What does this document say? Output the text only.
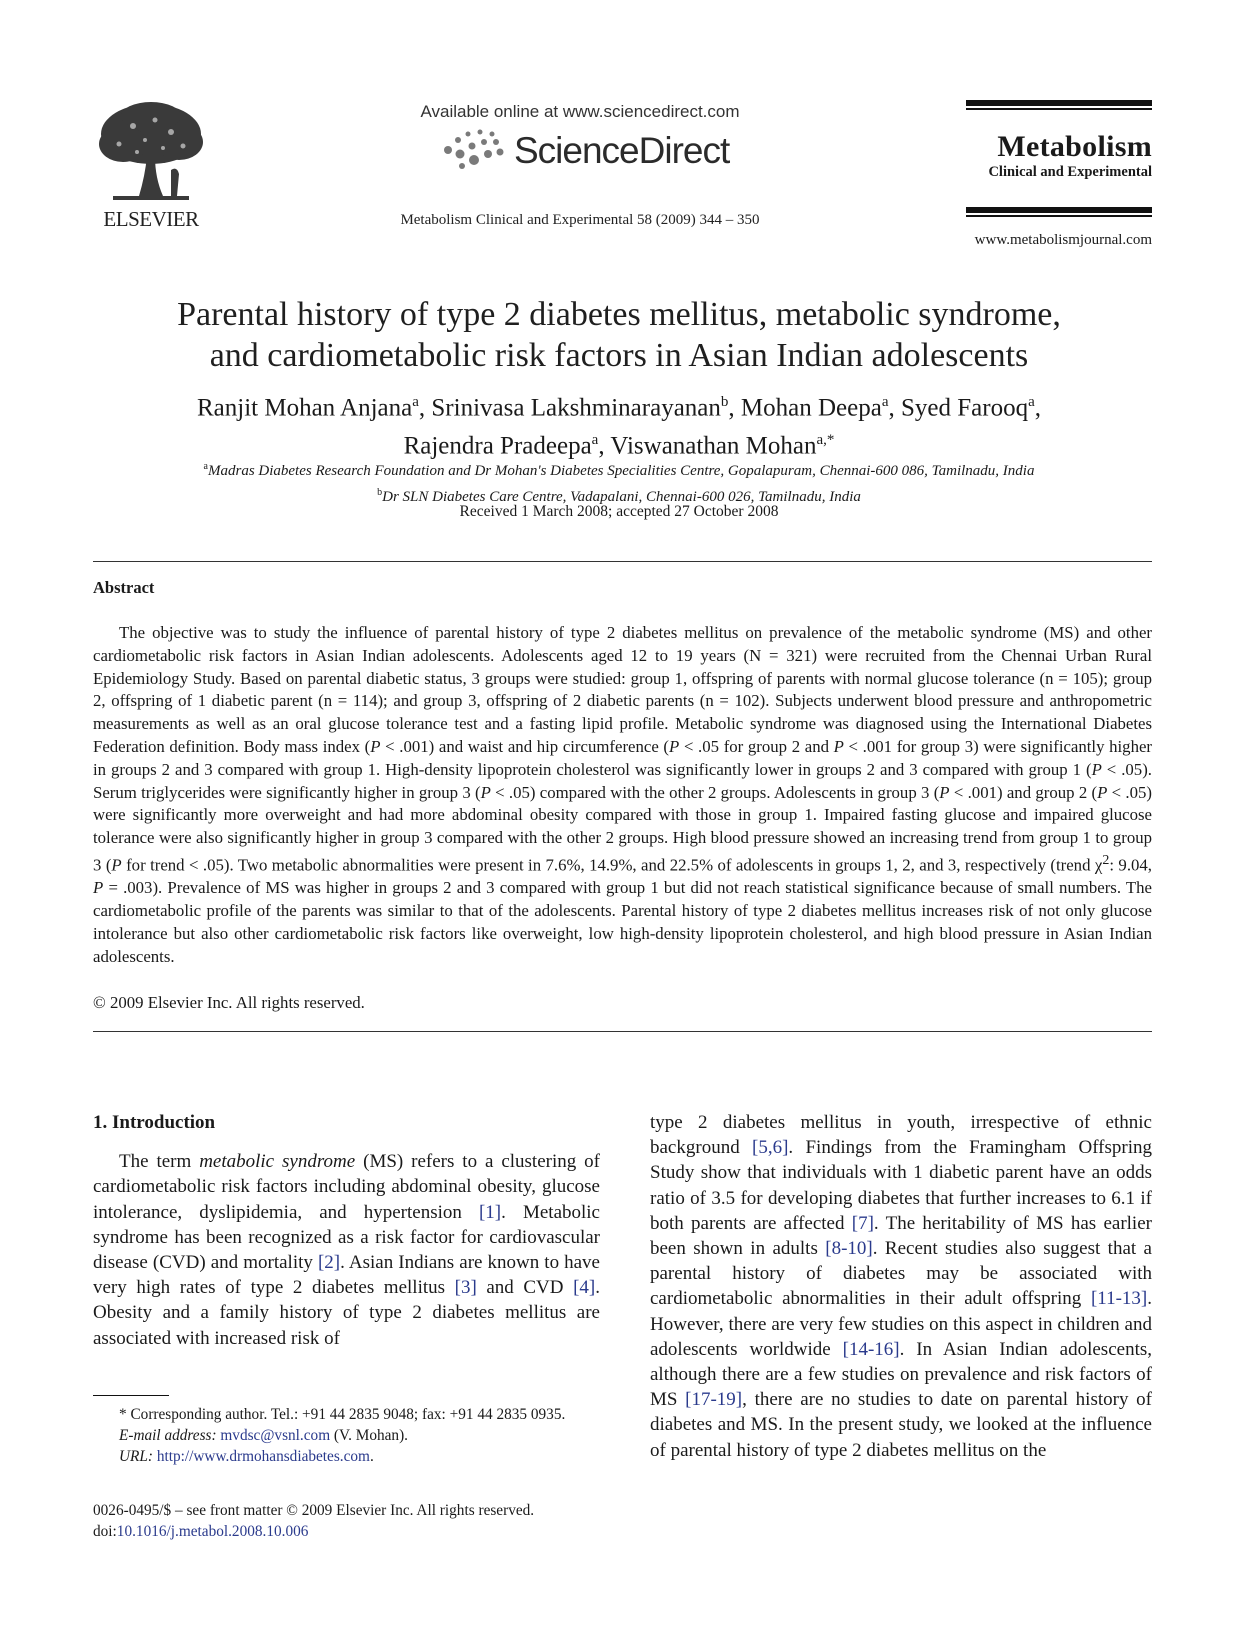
ELSEVIER
Available online at www.sciencedirect.com
ScienceDirect
Metabolism Clinical and Experimental 58 (2009) 344 – 350
Metabolism
Clinical and Experimental
www.metabolismjournal.com
Parental history of type 2 diabetes mellitus, metabolic syndrome,
and cardiometabolic risk factors in Asian Indian adolescents
Ranjit Mohan Anjana$^a$, Srinivasa Lakshminarayanan$^b$, Mohan Deepa$^a$, Syed Farooq$^a$,
Rajendra Pradeepa$^a$, Viswanathan Mohan$^{a,*}$
$^a$Madras Diabetes Research Foundation and Dr Mohan's Diabetes Specialities Centre, Gopalapuram, Chennai-600 086, Tamilnadu, India
$^b$Dr SLN Diabetes Care Centre, Vadapalani, Chennai-600 026, Tamilnadu, India
Received 1 March 2008; accepted 27 October 2008
Abstract

The objective was to study the influence of parental history of type 2 diabetes mellitus on prevalence of the metabolic syndrome (MS) and other cardiometabolic risk factors in Asian Indian adolescents. Adolescents aged 12 to 19 years (N = 321) were recruited from the Chennai Urban Rural Epidemiology Study. Based on parental diabetic status, 3 groups were studied: group 1, offspring of parents with normal glucose tolerance (n = 105); group 2, offspring of 1 diabetic parent (n = 114); and group 3, offspring of 2 diabetic parents (n = 102). Subjects underwent blood pressure and anthropometric measurements as well as an oral glucose tolerance test and a fasting lipid profile. Metabolic syndrome was diagnosed using the International Diabetes Federation definition. Body mass index (P < .001) and waist and hip circumference (P < .05 for group 2 and P < .001 for group 3) were significantly higher in groups 2 and 3 compared with group 1. High-density lipoprotein cholesterol was significantly lower in groups 2 and 3 compared with group 1 (P < .05). Serum triglycerides were significantly higher in group 3 (P < .05) compared with the other 2 groups. Adolescents in group 3 (P < .001) and group 2 (P < .05) were significantly more overweight and had more abdominal obesity compared with those in group 1. Impaired fasting glucose and impaired glucose tolerance were also significantly higher in group 3 compared with the other 2 groups. High blood pressure showed an increasing trend from group 1 to group 3 (P for trend < .05). Two metabolic abnormalities were present in 7.6%, 14.9%, and 22.5% of adolescents in groups 1, 2, and 3, respectively (trend $\chi^2$: 9.04, P = .003). Prevalence of MS was higher in groups 2 and 3 compared with group 1 but did not reach statistical significance because of small numbers. The cardiometabolic profile of the parents was similar to that of the adolescents. Parental history of type 2 diabetes mellitus increases risk of not only glucose intolerance but also other cardiometabolic risk factors like overweight, low high-density lipoprotein cholesterol, and high blood pressure in Asian Indian adolescents.

© 2009 Elsevier Inc. All rights reserved.
1. Introduction

The term metabolic syndrome (MS) refers to a clustering of cardiometabolic risk factors including abdominal obesity, glucose intolerance, dyslipidemia, and hypertension [1]. Metabolic syndrome has been recognized as a risk factor for cardiovascular disease (CVD) and mortality [2]. Asian Indians are known to have very high rates of type 2 diabetes mellitus [3] and CVD [4]. Obesity and a family history of type 2 diabetes mellitus are associated with increased risk of

* Corresponding author. Tel.: +91 44 2835 9048; fax: +91 44 2835 0935.

E-mail address: mvdsc@vsnl.com (V. Mohan).

URL: http://www.drmohansdiabetes.com.

0026-0495/$ – see front matter © 2009 Elsevier Inc. All rights reserved.
doi:10.1016/j.metabol.2008.10.006

type 2 diabetes mellitus in youth, irrespective of ethnic background [5,6]. Findings from the Framingham Offspring Study show that individuals with 1 diabetic parent have an odds ratio of 3.5 for developing diabetes that further increases to 6.1 if both parents are affected [7]. The heritability of MS has earlier been shown in adults [8-10]. Recent studies also suggest that a parental history of diabetes may be associated with cardiometabolic abnormalities in their adult offspring [11-13]. However, there are very few studies on this aspect in children and adolescents worldwide [14-16]. In Asian Indian adolescents, although there are a few studies on prevalence and risk factors of MS [17-19], there are no studies to date on parental history of diabetes and MS. In the present study, we looked at the influence of parental history of type 2 diabetes mellitus on the
